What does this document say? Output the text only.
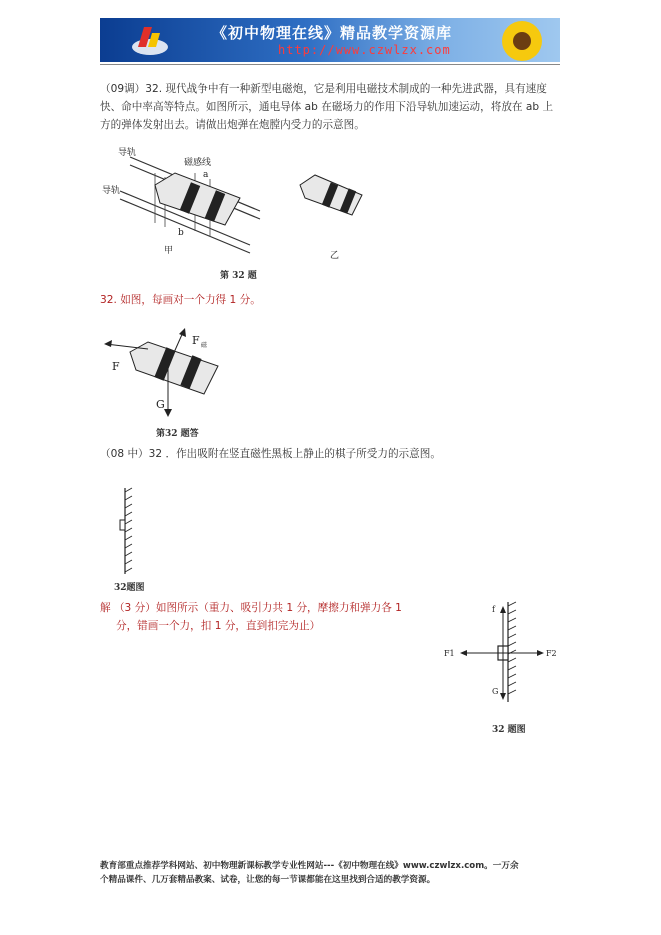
《初中物理在线》精品教学资源库
http://www.czwlzx.com
（09调）32. 现代战争中有一种新型电磁炮，它是利用电磁技术制成的一种先进武器，具有速度快、命中率高等特点。如图所示，通电导体 ab 在磁场力的作用下沿导轨加速运动，将放在 ab 上方的弹体发射出去。请做出炮弹在炮膛内受力的示意图。
导轨
导轨
磁感线
a
b
甲	乙
第 32 题
32. 如图，每画对一个力得 1 分。
F
F 磁
G
第32 题答
（08 中）32 ．作出吸附在竖直磁性黑板上静止的棋子所受力的示意图。
32题图
解 （3 分）如图所示（重力、吸引力共 1 分，摩擦力和弹力各 1
分，错画一个力，扣 1 分，直到扣完为止）
f
F1	F2
G
32 题图
教育部重点推荐学科网站、初中物理新课标教学专业性网站---《初中物理在线》www.czwlzx.com。一万余
个精品课件、几万套精品教案、试卷，让您的每一节课都能在这里找到合适的教学资源。
